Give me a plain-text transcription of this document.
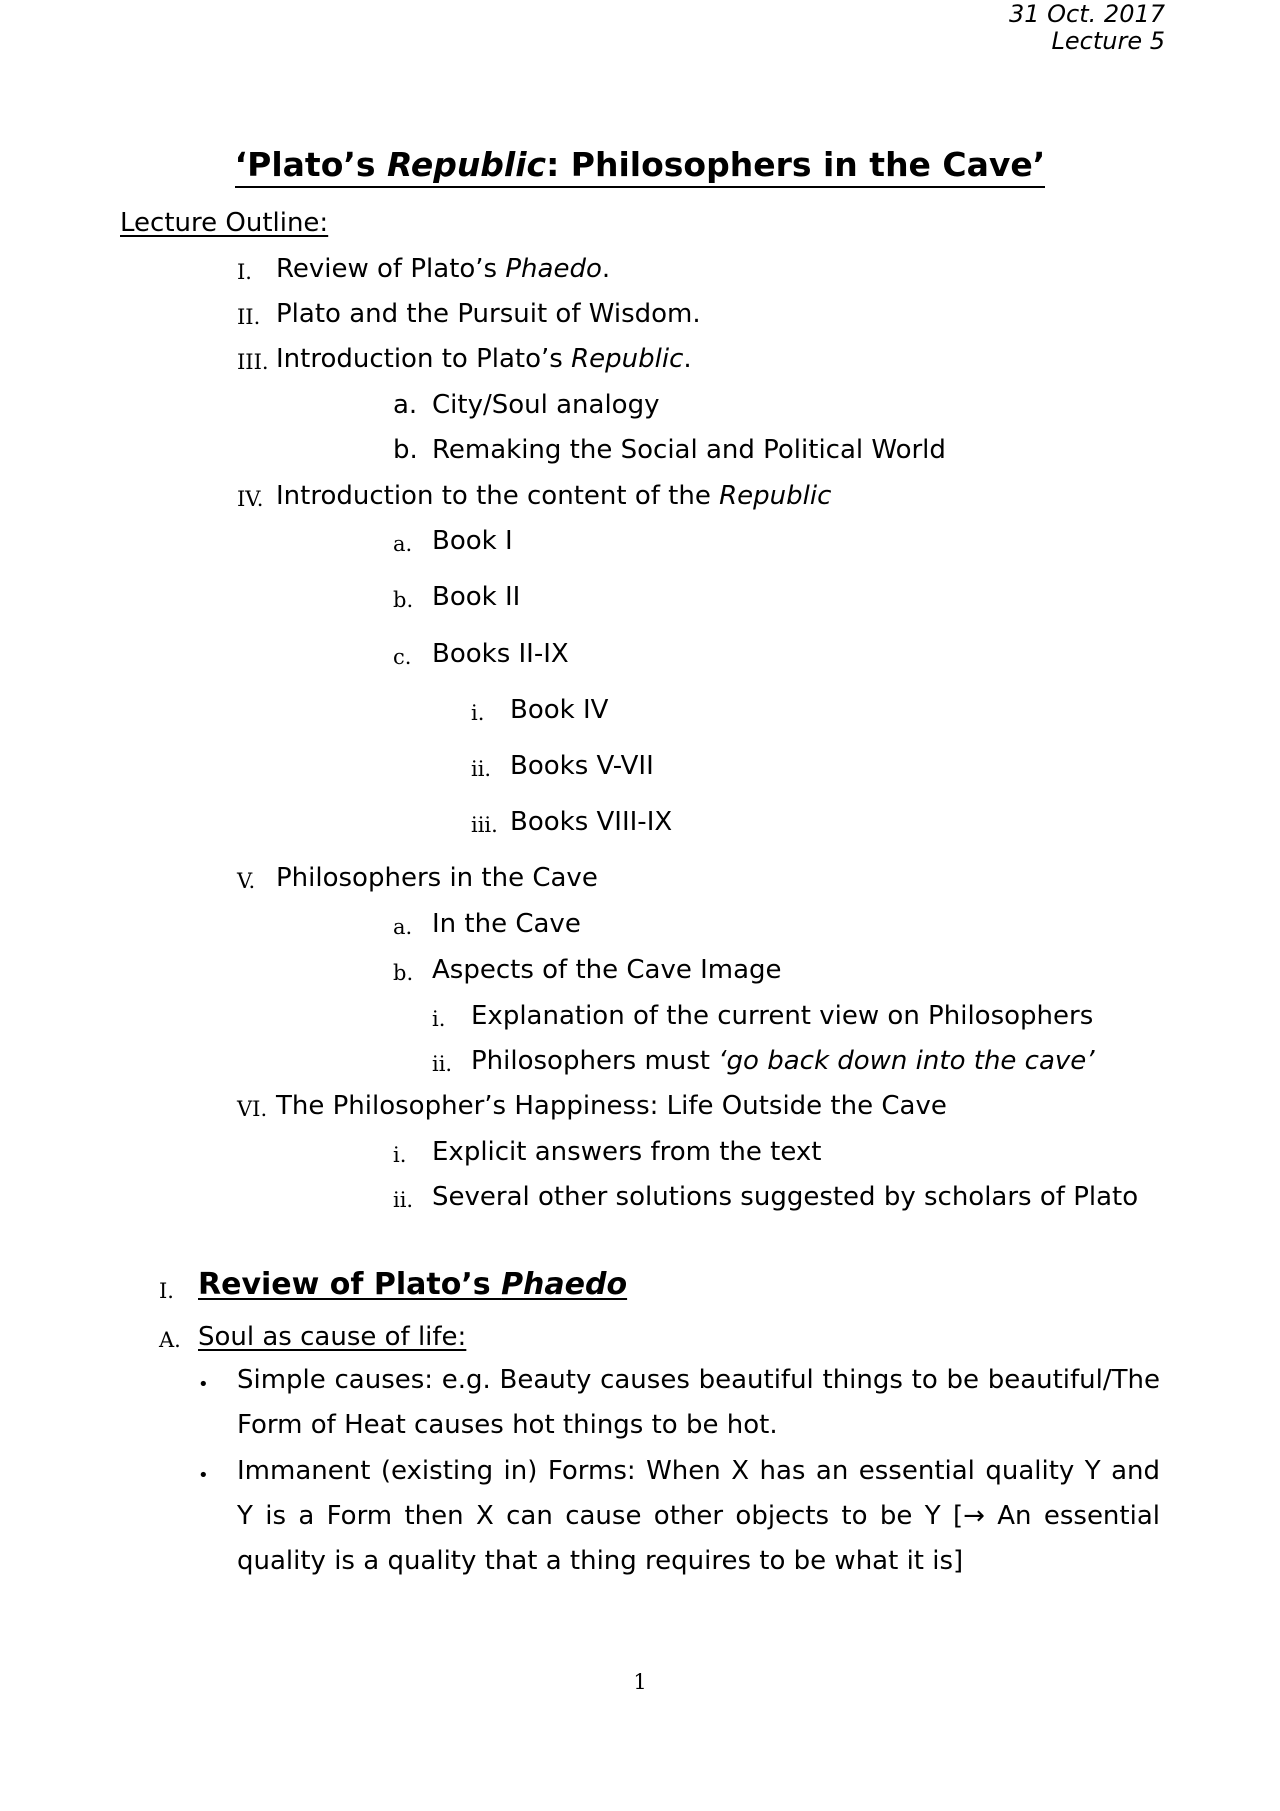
31 Oct. 2017
Lecture 5
‘Plato’s Republic: Philosophers in the Cave’
Lecture Outline:
I. Review of Plato’s Phaedo.
II. Plato and the Pursuit of Wisdom.
III. Introduction to Plato’s Republic.
a. City/Soul analogy
b. Remaking the Social and Political World
IV. Introduction to the content of the Republic
a. Book I
b. Book II
c. Books II-IX
i. Book IV
ii. Books V-VII
iii. Books VIII-IX
V. Philosophers in the Cave
a. In the Cave
b. Aspects of the Cave Image
i. Explanation of the current view on Philosophers
ii. Philosophers must ‘go back down into the cave’
VI. The Philosopher’s Happiness: Life Outside the Cave
i. Explicit answers from the text
ii. Several other solutions suggested by scholars of Plato
I. Review of Plato’s Phaedo
A. Soul as cause of life:
• Simple causes: e.g. Beauty causes beautiful things to be beautiful/The Form of Heat causes hot things to be hot.
• Immanent (existing in) Forms: When X has an essential quality Y and Y is a Form then X can cause other objects to be Y [→ An essential quality is a quality that a thing requires to be what it is]
1
